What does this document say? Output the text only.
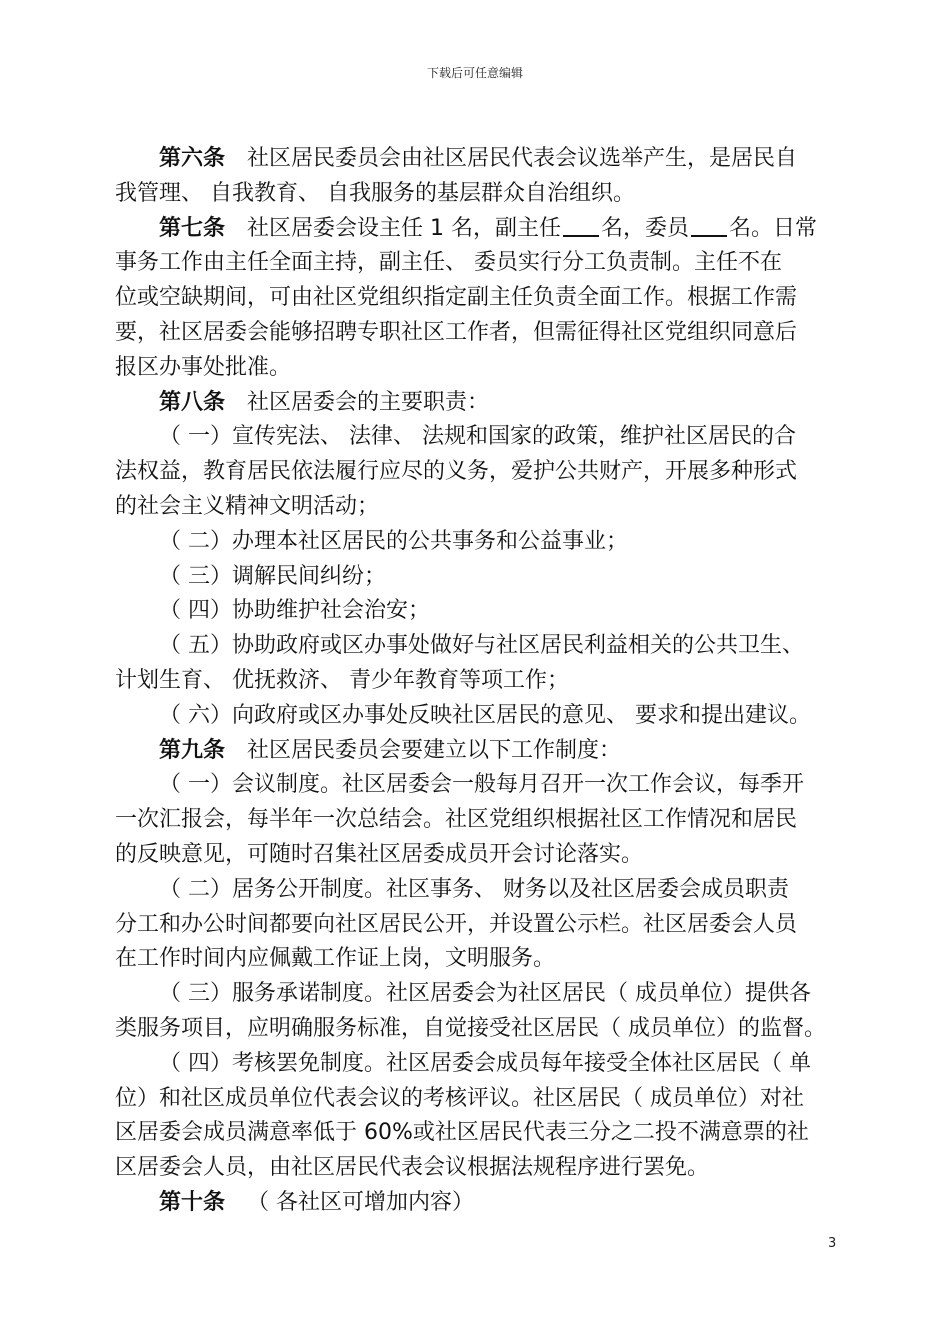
下载后可任意编辑
第六条 社区居民委员会由社区居民代表会议选举产生，是居民自
我管理、 自我教育、 自我服务的基层群众自治组织。
第七条 社区居委会设主任 1 名，副主任 名，委员 名。日常
事务工作由主任全面主持，副主任、 委员实行分工负责制。主任不在
位或空缺期间，可由社区党组织指定副主任负责全面工作。根据工作需
要，社区居委会能够招聘专职社区工作者，但需征得社区党组织同意后
报区办事处批准。
第八条 社区居委会的主要职责：
（ 一）宣传宪法、 法律、 法规和国家的政策，维护社区居民的合
法权益，教育居民依法履行应尽的义务，爱护公共财产，开展多种形式
的社会主义精神文明活动；
（ 二）办理本社区居民的公共事务和公益事业；
（ 三）调解民间纠纷；
（ 四）协助维护社会治安；
（ 五）协助政府或区办事处做好与社区居民利益相关的公共卫生、
计划生育、 优抚救济、 青少年教育等项工作；
（ 六）向政府或区办事处反映社区居民的意见、 要求和提出建议。
第九条 社区居民委员会要建立以下工作制度：
（ 一）会议制度。社区居委会一般每月召开一次工作会议，每季开
一次汇报会，每半年一次总结会。社区党组织根据社区工作情况和居民
的反映意见，可随时召集社区居委成员开会讨论落实。
（ 二）居务公开制度。社区事务、 财务以及社区居委会成员职责
分工和办公时间都要向社区居民公开，并设置公示栏。社区居委会人员
在工作时间内应佩戴工作证上岗，文明服务。
（ 三）服务承诺制度。社区居委会为社区居民（ 成员单位）提供各
类服务项目，应明确服务标准，自觉接受社区居民（ 成员单位）的监督。
（ 四）考核罢免制度。社区居委会成员每年接受全体社区居民（ 单
位）和社区成员单位代表会议的考核评议。社区居民（ 成员单位）对社
区居委会成员满意率低于 60%或社区居民代表三分之二投不满意票的社
区居委会人员，由社区居民代表会议根据法规程序进行罢免。
第十条 （ 各社区可增加内容）
3
